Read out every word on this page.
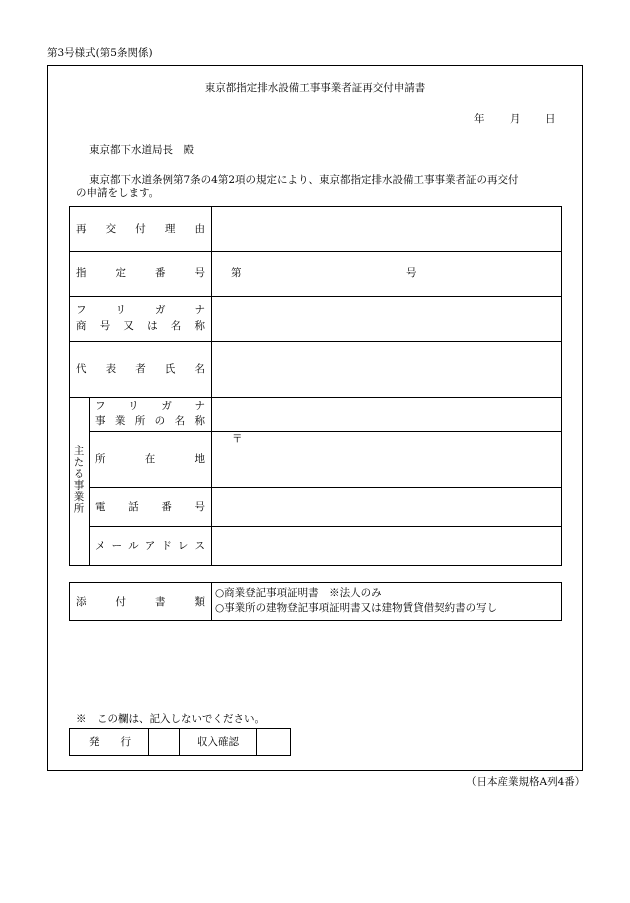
第3号様式(第5条関係)
東京都指定排水設備工事事業者証再交付申請書
年 月 日
東京都下水道局長　殿
東京都下水道条例第7条の4第2項の規定により、東京都指定排水設備工事事業者証の再交付
の申請をします。
再 交 付 理 由
指	定	番	号 第	号
フ	リ	ガ	ナ
商 号 又 は 名 称
代 表 者 氏 名
主たる事業所
フ リ ガ ナ
事 業 所 の 名 称
所	在	地
〒
電 話 番 号
メ ー ル ア ド レ ス
添	付	書	類
○商業登記事項証明書　※法人のみ
○事業所の建物登記事項証明書又は建物賃貸借契約書の写し
※　この欄は、記入しないでください。
発 行	収入確認
（日本産業規格A列4番）
